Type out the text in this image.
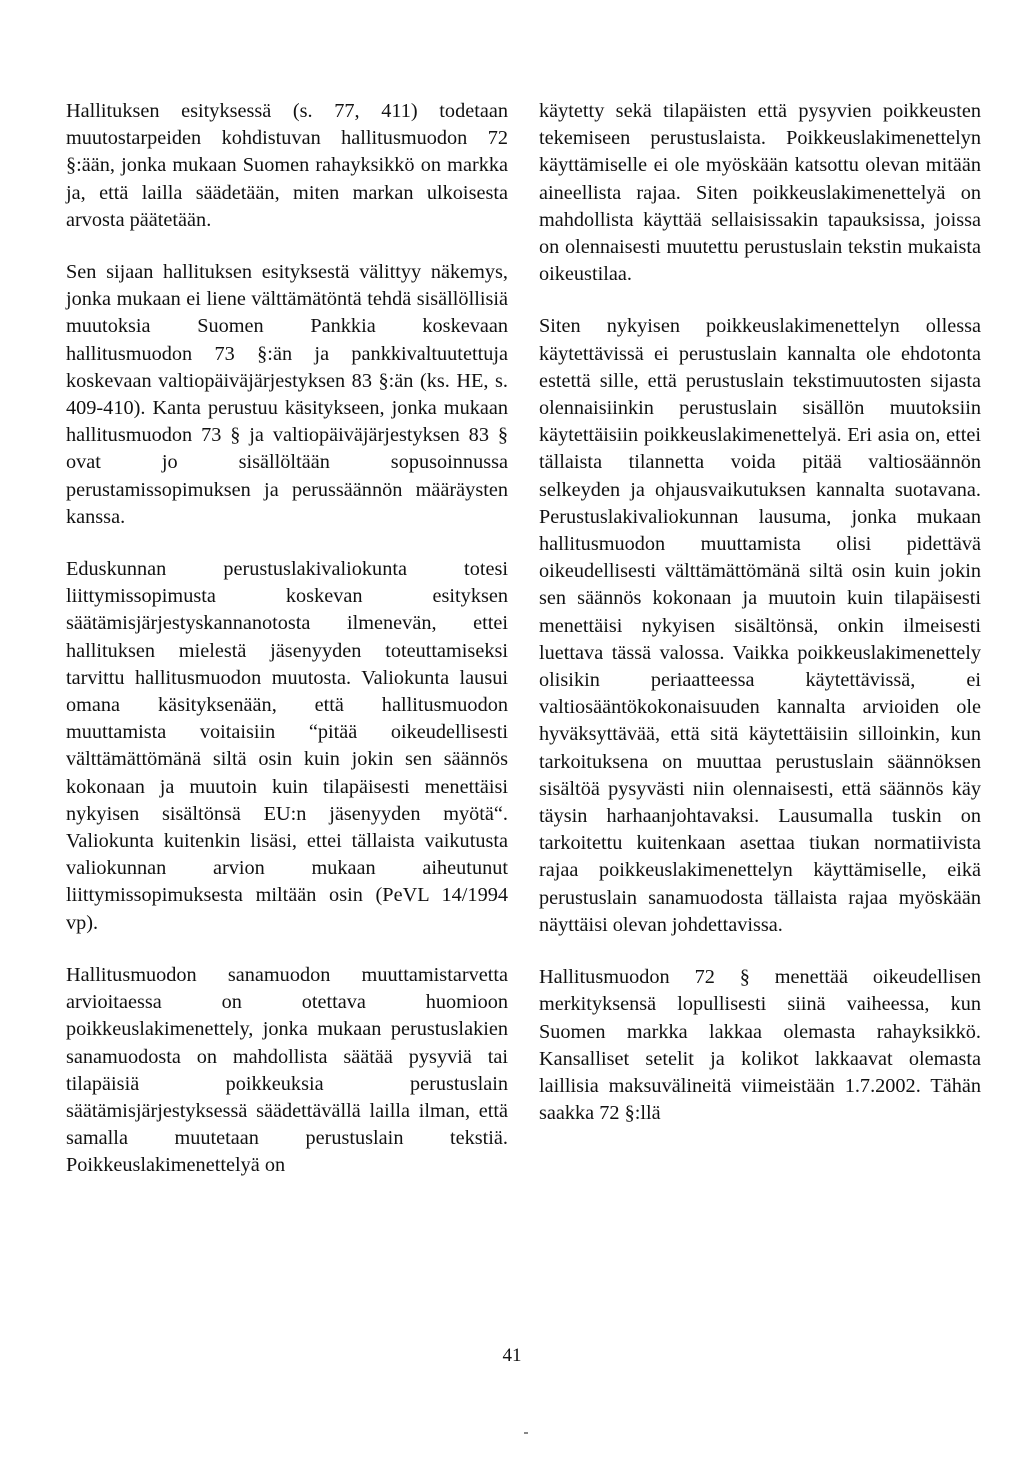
Hallituksen esityksessä (s. 77, 411) todetaan muutostarpeiden kohdistuvan hallitusmuodon 72 §:ään, jonka mukaan Suomen rahayksikkö on markka ja, että lailla säädetään, miten markan ulkoisesta arvosta päätetään.

Sen sijaan hallituksen esityksestä välittyy näkemys, jonka mukaan ei liene välttämätöntä tehdä sisällöllisiä muutoksia Suomen Pankkia koskevaan hallitusmuodon 73 §:än ja pankkivaltuutettuja koskevaan valtiopäiväjärjestyksen 83 §:än (ks. HE, s. 409-410). Kanta perustuu käsitykseen, jonka mukaan hallitusmuodon 73 § ja valtiopäiväjärjestyksen 83 § ovat jo sisällöltään sopusoinnussa perustamissopimuksen ja perussäännön määräysten kanssa.

Eduskunnan perustuslakivaliokunta totesi liittymissopimusta koskevan esityksen säätämisjärjestyskannanotosta ilmenevän, ettei hallituksen mielestä jäsenyyden toteuttamiseksi tarvittu hallitusmuodon muutosta. Valiokunta lausui omana käsityksenään, että hallitusmuodon muuttamista voitaisiin “pitää oikeudellisesti välttämättömänä siltä osin kuin jokin sen säännös kokonaan ja muutoin kuin tilapäisesti menettäisi nykyisen sisältönsä EU:n jäsenyyden myötä“. Valiokunta kuitenkin lisäsi, ettei tällaista vaikutusta valiokunnan arvion mukaan aiheutunut liittymissopimuksesta miltään osin (PeVL 14/1994 vp).

Hallitusmuodon sanamuodon muuttamistarvetta arvioitaessa on otettava huomioon poikkeuslakimenettely, jonka mukaan perustuslakien sanamuodosta on mahdollista säätää pysyviä tai tilapäisiä poikkeuksia perustuslain säätämisjärjestyksessä säädettävällä lailla ilman, että samalla muutetaan perustuslain tekstiä. Poikkeuslakimenettelyä on

käytetty sekä tilapäisten että pysyvien poikkeusten tekemiseen perustuslaista. Poikkeuslakimenettelyn käyttämiselle ei ole myöskään katsottu olevan mitään aineellista rajaa. Siten poikkeuslakimenettelyä on mahdollista käyttää sellaisissakin tapauksissa, joissa on olennaisesti muutettu perustuslain tekstin mukaista oikeustilaa.

Siten nykyisen poikkeuslakimenettelyn ollessa käytettävissä ei perustuslain kannalta ole ehdotonta estettä sille, että perustuslain tekstimuutosten sijasta olennaisiinkin perustuslain sisällön muutoksiin käytettäisiin poikkeuslakimenettelyä. Eri asia on, ettei tällaista tilannetta voida pitää valtiosäännön selkeyden ja ohjausvaikutuksen kannalta suotavana. Perustuslakivaliokunnan lausuma, jonka mukaan hallitusmuodon muuttamista olisi pidettävä oikeudellisesti välttämättömänä siltä osin kuin jokin sen säännös kokonaan ja muutoin kuin tilapäisesti menettäisi nykyisen sisältönsä, onkin ilmeisesti luettava tässä valossa. Vaikka poikkeuslakimenettely olisikin periaatteessa käytettävissä, ei valtiosääntökokonaisuuden kannalta arvioiden ole hyväksyttävää, että sitä käytettäisiin silloinkin, kun tarkoituksena on muuttaa perustuslain säännöksen sisältöä pysyvästi niin olennaisesti, että säännös käy täysin harhaanjohtavaksi. Lausumalla tuskin on tarkoitettu kuitenkaan asettaa tiukan normatiivista rajaa poikkeuslakimenettelyn käyttämiselle, eikä perustuslain sanamuodosta tällaista rajaa myöskään näyttäisi olevan johdettavissa.

Hallitusmuodon 72 § menettää oikeudellisen merkityksensä lopullisesti siinä vaiheessa, kun Suomen markka lakkaa olemasta rahayksikkö. Kansalliset setelit ja kolikot lakkaavat olemasta laillisia maksuvälineitä viimeistään 1.7.2002. Tähän saakka 72 §:llä

41
